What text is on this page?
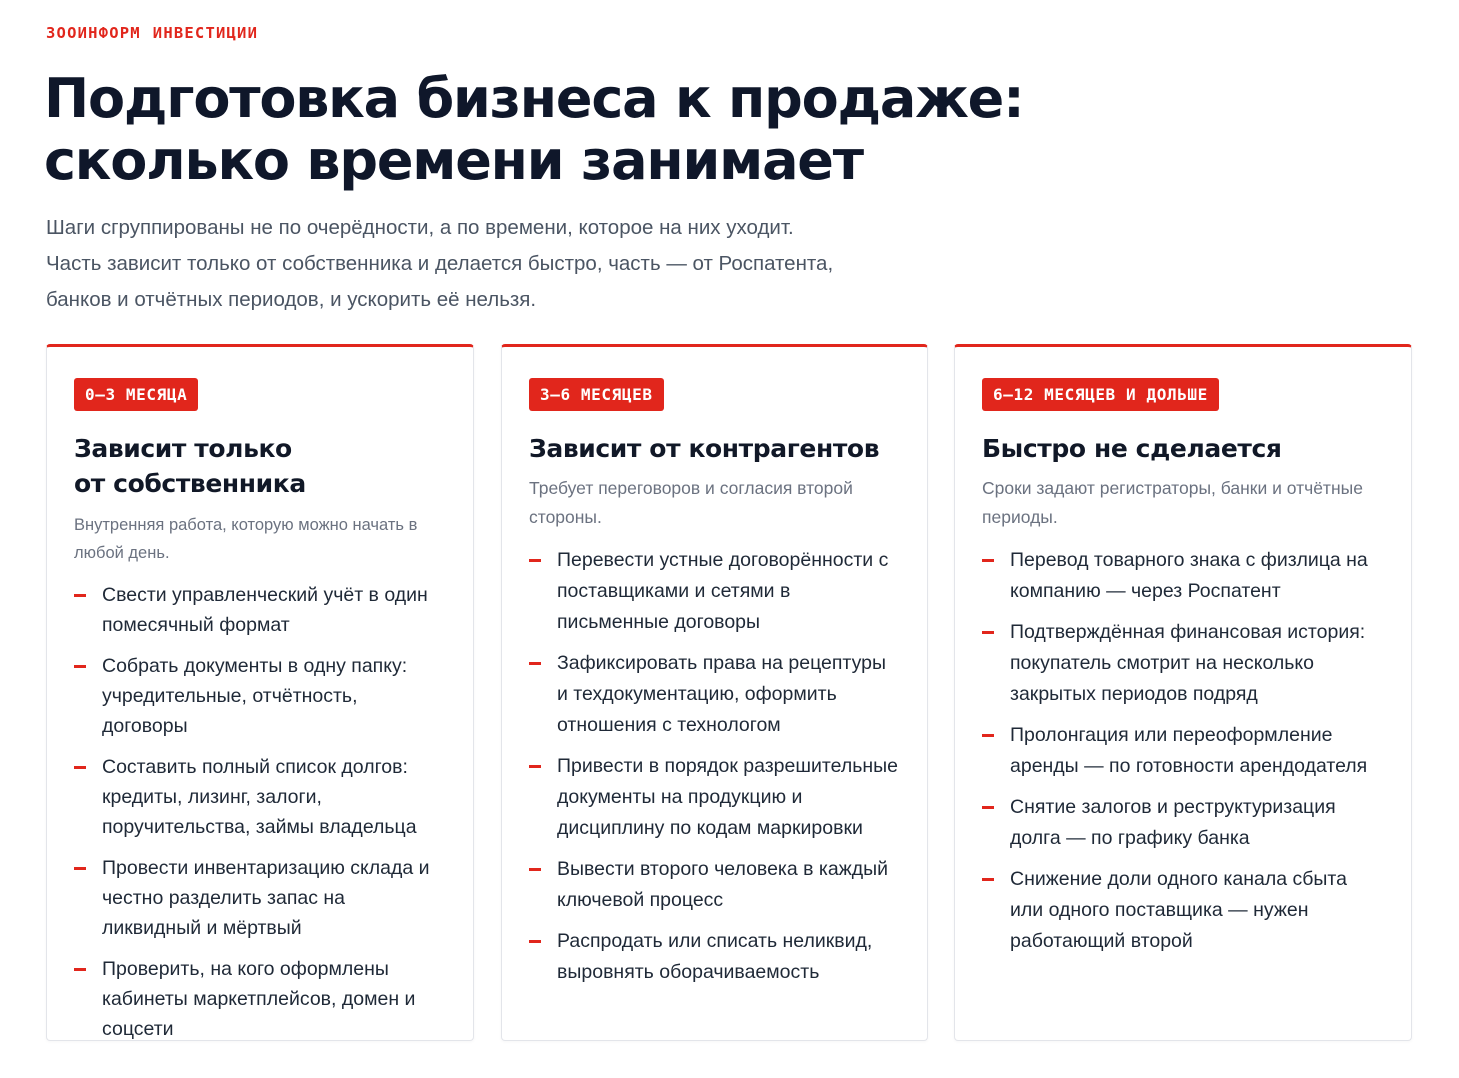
ЗООИНФОРМ ИНВЕСТИЦИИ
Подготовка бизнеса к продаже:
сколько времени занимает
Шаги сгруппированы не по очерёдности, а по времени, которое на них уходит.
Часть зависит только от собственника и делается быстро, часть — от Роспатента,
банков и отчётных периодов, и ускорить её нельзя.
0–3 МЕСЯЦА
Зависит только
от собственника

Внутренняя работа, которую можно начать в любой день.

Свести управленческий учёт в один помесячный формат
Собрать документы в одну папку: учредительные, отчётность, договоры
Составить полный список долгов: кредиты, лизинг, залоги, поручительства, займы владельца
Провести инвентаризацию склада и честно разделить запас на ликвидный и мёртвый
Проверить, на кого оформлены кабинеты маркетплейсов, домен и соцсети
3–6 МЕСЯЦЕВ
Зависит от контрагентов

Требует переговоров и согласия второй стороны.

Перевести устные договорённости с поставщиками и сетями в письменные договоры
Зафиксировать права на рецептуры и техдокументацию, оформить отношения с технологом
Привести в порядок разрешительные документы на продукцию и дисциплину по кодам маркировки
Вывести второго человека в каждый ключевой процесс
Распродать или списать неликвид, выровнять оборачиваемость
6–12 МЕСЯЦЕВ И ДОЛЬШЕ
Быстро не сделается

Сроки задают регистраторы, банки и отчётные периоды.

Перевод товарного знака с физлица на компанию — через Роспатент
Подтверждённая финансовая история: покупатель смотрит на несколько закрытых периодов подряд
Пролонгация или переоформление аренды — по готовности арендодателя
Снятие залогов и реструктуризация долга — по графику банка
Снижение доли одного канала сбыта или одного поставщика — нужен работающий второй
